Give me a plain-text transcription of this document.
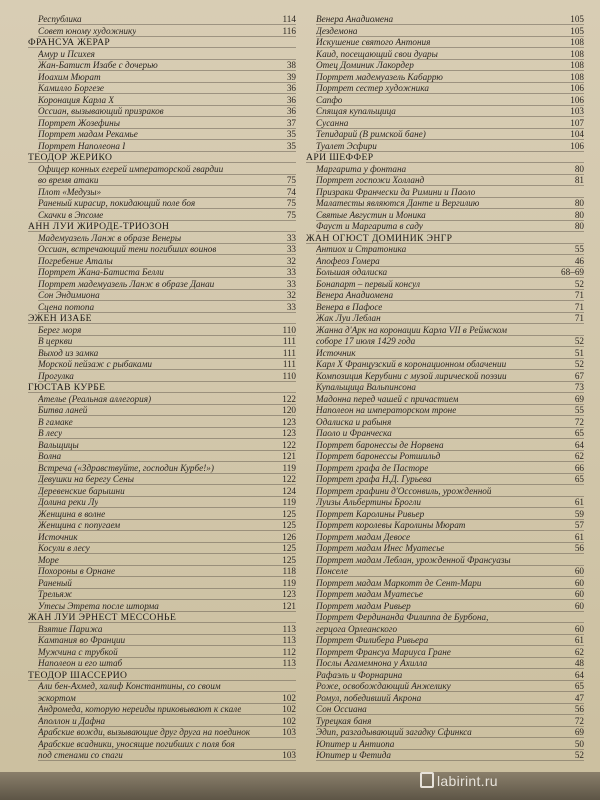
Республика	114
Совет юному художнику	116
ФРАНСУА ЖЕРАР
Амур и Психея
Жан-Батист Изабе с дочерью	38
Иоахим Мюрат	39
Камилло Боргезе	36
Коронация Карла X	36
Оссиан, вызывающий призраков	36
Портрет Жозефины	37
Портрет мадам Рекамье	35
Портрет Наполеона I	35
ТЕОДОР ЖЕРИКО
Офицер конных егерей императорской гвардии
во время атаки	75
Плот «Медузы»	74
Раненый кирасир, покидающий поле боя	75
Скачки в Эпсоме	75
АНН ЛУИ ЖИРОДЕ-ТРИОЗОН
Мадемуазель Ланж в образе Венеры	33
Оссиан, встречающий тени погибших воинов	33
Погребение Аталы	32
Портрет Жана-Батиста Белли	33
Портрет мадемуазель Ланж в образе Данаи	33
Сон Эндимиона	32
Сцена потопа	33
ЭЖЕН ИЗАБЕ
Берег моря	110
В церкви	111
Выход из замка	111
Морской пейзаж с рыбаками	111
Прогулка	110
ГЮСТАВ КУРБЕ
Ателье (Реальная аллегория)	122
Битва ланей	120
В гамаке	123
В лесу	123
Вальщицы	122
Волна	121
Встреча («Здравствуйте, господин Курбе!»)	119
Девушки на берегу Сены	122
Деревенские барышни	124
Долина реки Лу	119
Женщина в волне	125
Женщина с попугаем	125
Источник	126
Косули в лесу	125
Море	125
Похороны в Орнане	118
Раненый	119
Трельяж	123
Утесы Этрета после шторма	121
ЖАН ЛУИ ЭРНЕСТ МЕССОНЬЕ
Взятие Парижа	113
Кампания во Франции	113
Мужчина с трубкой	112
Наполеон и его штаб	113
ТЕОДОР ШАССЕРИО
Али бен-Ахмед, халиф Константины, со своим
эскортом	102
Андромеда, которую нереиды приковывают к скале	102
Аполлон и Дафна	102
Арабские вожди, вызывающие друг друга на поединок	103
Арабские всадники, уносящие погибших с поля боя
под стенами со спаги	103
Венера Анадиомена	105
Дездемона	105
Искушение святого Антония	108
Каид, посещающий свои дуары	108
Отец Доминик Лакордер	108
Портрет мадемуазель Кабаррю	108
Портрет сестер художника	106
Сапфо	106
Спящая купальщица	103
Сусанна	107
Тепидарий (В римской бане)	104
Туалет Эсфири	106
АРИ ШЕФФЕР
Маргарита у фонтана	80
Портрет госпожи Холланд	81
Призраки Франчески да Римини и Паоло
Малатесты являются Данте и Вергилию	80
Святые Августин и Моника	80
Фауст и Маргарита в саду	80
ЖАН ОГЮСТ ДОМИНИК ЭНГР
Антиох и Стратоника	55
Апофеоз Гомера	46
Большая одалиска	68–69
Бонапарт – первый консул	52
Венера Анадиомена	71
Венера в Пафосе	71
Жак Луи Леблан	71
Жанна д'Арк на коронации Карла VII в Реймском
соборе 17 июля 1429 года	52
Источник	51
Карл X Французский в коронационном облачении	52
Композиция Керубини с музой лирической поэзии	67
Купальщица Вальпинсона	73
Мадонна перед чашей с причастием	69
Наполеон на императорском троне	55
Одалиска и рабыня	72
Паоло и Франческа	65
Портрет баронессы де Норвена	64
Портрет баронессы Ротшильд	62
Портрет графа де Пасторе	66
Портрет графа Н.Д. Гурьева	65
Портрет графини д'Оссонвиль, урожденной
Луизы Альбертины Брогли	61
Портрет Каролины Ривьер	59
Портрет королевы Каролины Мюрат	57
Портрет мадам Девосе	61
Портрет мадам Инес Муатесье	56
Портрет мадам Леблан, урожденной Франсуазы
Понселе	60
Портрет мадам Маркотт де Сент-Мари	60
Портрет мадам Муатесье	60
Портрет мадам Ривьер	60
Портрет Фердинанда Филиппа де Бурбона,
герцога Орлеанского	60
Портрет Филибера Ривьера	61
Портрет Франсуа Мариуса Гране	62
Послы Агамемнона у Ахилла	48
Рафаэль и Форнарина	64
Роже, освобождающий Анжелику	65
Ромул, победивший Акрона	47
Сон Оссиана	56
Турецкая баня	72
Эдип, разгадывающий загадку Сфинкса	69
Юпитер и Антиопа	50
Юпитер и Фетида	52
labirint.ru
